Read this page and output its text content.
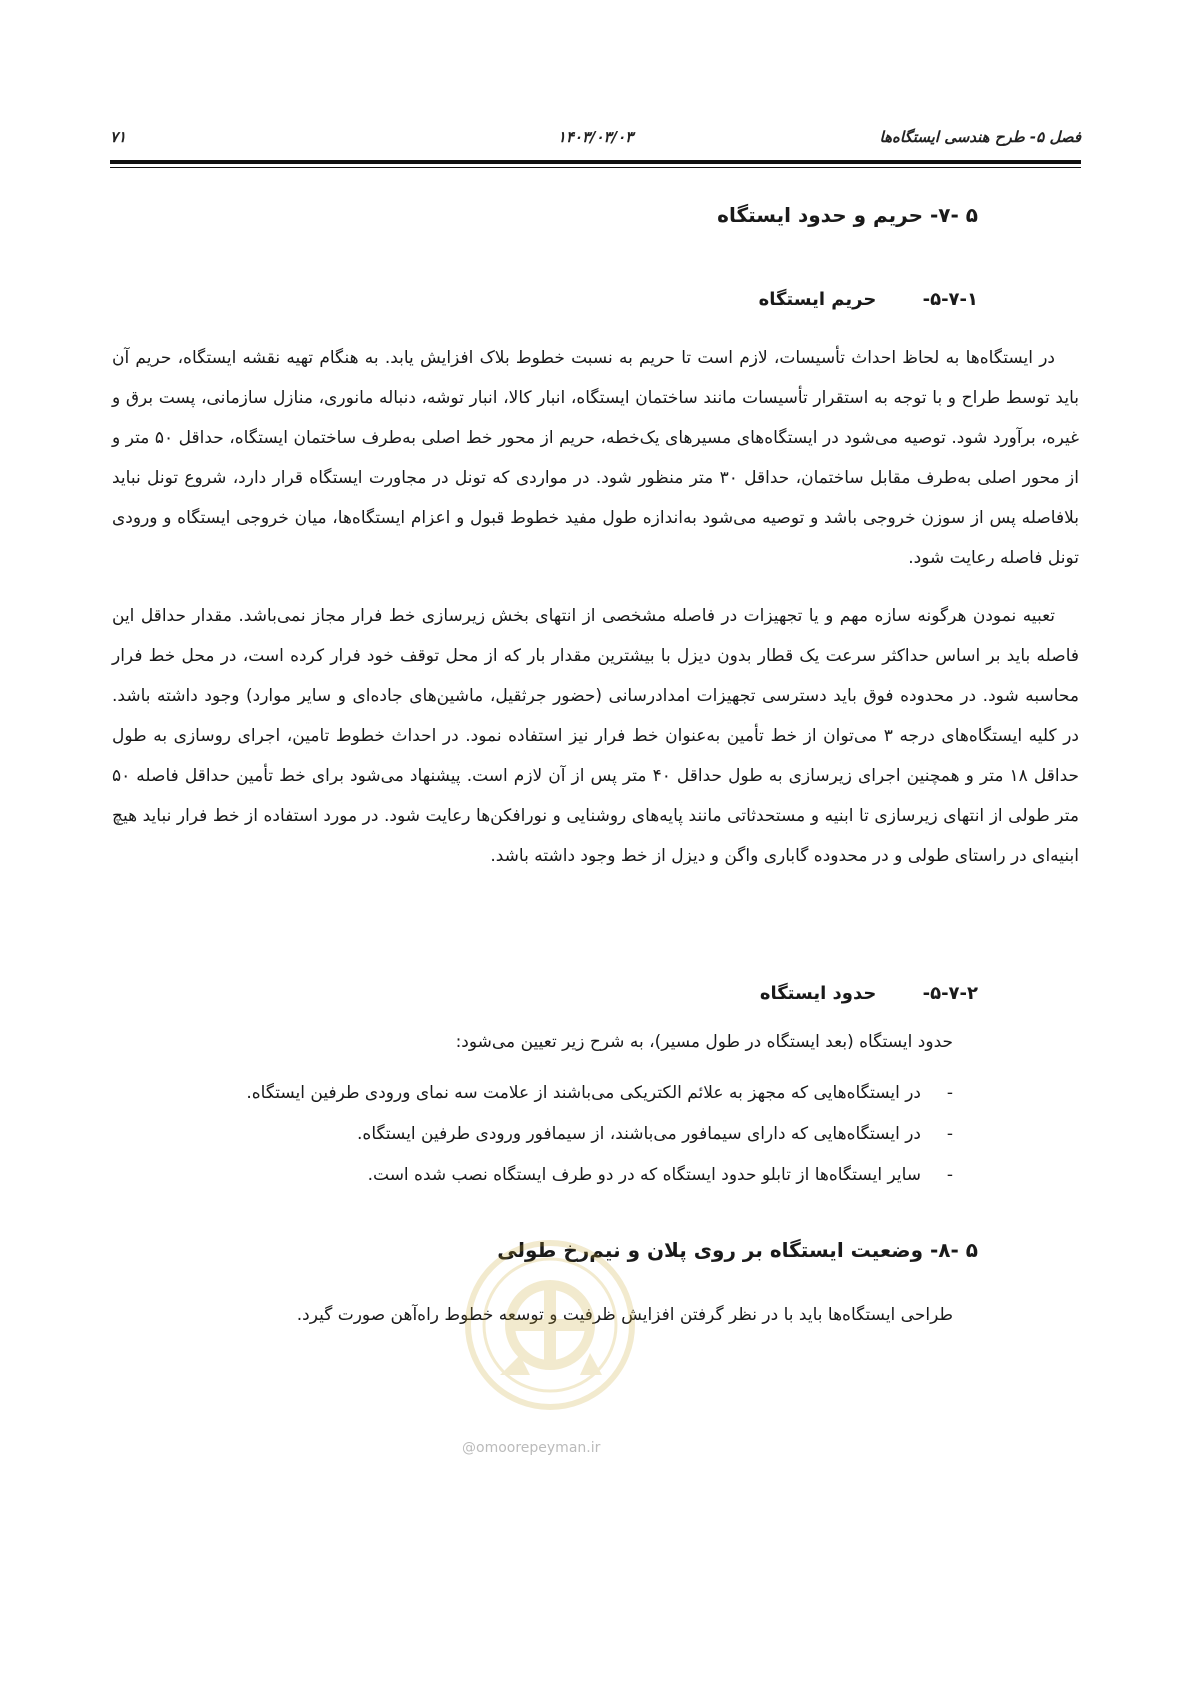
فصل ۵- طرح هندسی ایستگاه‌ها
۱۴۰۳/۰۳/۰۳
۷۱
۵ -۷- حریم و حدود ایستگاه
۵-۷-۱- حریم ایستگاه

در ایستگاه‌ها به لحاظ احداث تأسیسات، لازم است تا حریم به نسبت خطوط بلاک افزایش یابد. به هنگام تهیه نقشه ایستگاه، حریم آن باید توسط طراح و با توجه به استقرار تأسیسات مانند ساختمان ایستگاه، انبار کالا، انبار توشه، دنباله مانوری، منازل سازمانی، پست برق و غیره، برآورد شود. توصیه می‌شود در ایستگاه‌های مسیرهای یک‌خطه، حریم از محور خط اصلی به‌طرف ساختمان ایستگاه، حداقل ۵۰ متر و از محور اصلی به‌طرف مقابل ساختمان، حداقل ۳۰ متر منظور شود. در مواردی که تونل در مجاورت ایستگاه قرار دارد، شروع تونل نباید بلافاصله پس از سوزن خروجی باشد و توصیه می‌شود به‌اندازه طول مفید خطوط قبول و اعزام ایستگاه‌ها، میان خروجی ایستگاه و ورودی تونل فاصله رعایت شود.

تعبیه نمودن هرگونه سازه مهم و یا تجهیزات در فاصله مشخصی از انتهای بخش زیرسازی خط فرار مجاز نمی‌باشد. مقدار حداقل این فاصله باید بر اساس حداکثر سرعت یک قطار بدون دیزل با بیشترین مقدار بار که از محل توقف خود فرار کرده است، در محل خط فرار محاسبه شود. در محدوده فوق باید دسترسی تجهیزات امدادرسانی (حضور جرثقیل، ماشین‌های جاده‌ای و سایر موارد) وجود داشته باشد. در کلیه ایستگاه‌های درجه ۳ می‌توان از خط تأمین به‌عنوان خط فرار نیز استفاده نمود. در احداث خطوط تامین، اجرای روسازی به طول حداقل ۱۸ متر و همچنین اجرای زیرسازی به طول حداقل ۴۰ متر پس از آن لازم است. پیشنهاد می‌شود برای خط تأمین حداقل فاصله ۵۰ متر طولی از انتهای زیرسازی تا ابنیه و مستحدثاتی مانند پایه‌های روشنایی و نورافکن‌ها رعایت شود. در مورد استفاده از خط فرار نباید هیچ ابنیه‌ای در راستای طولی و در محدوده گاباری واگن و دیزل از خط وجود داشته باشد.

۵-۷-۲- حدود ایستگاه
حدود ایستگاه (بعد ایستگاه در طول مسیر)، به شرح زیر تعیین می‌شود:
-
در ایستگاه‌هایی که مجهز به علائم الکتریکی می‌باشند از علامت سه نمای ورودی طرفین ایستگاه.
-
در ایستگاه‌هایی که دارای سیمافور می‌باشند، از سیمافور ورودی طرفین ایستگاه.
-
سایر ایستگاه‌ها از تابلو حدود ایستگاه که در دو طرف ایستگاه نصب شده است.
۵ -۸- وضعیت ایستگاه بر روی پلان و نیم‌رخ طولی
طراحی ایستگاه‌ها باید با در نظر گرفتن افزایش ظرفیت و توسعه خطوط راه‌آهن صورت گیرد.
@omoorepeyman.ir
